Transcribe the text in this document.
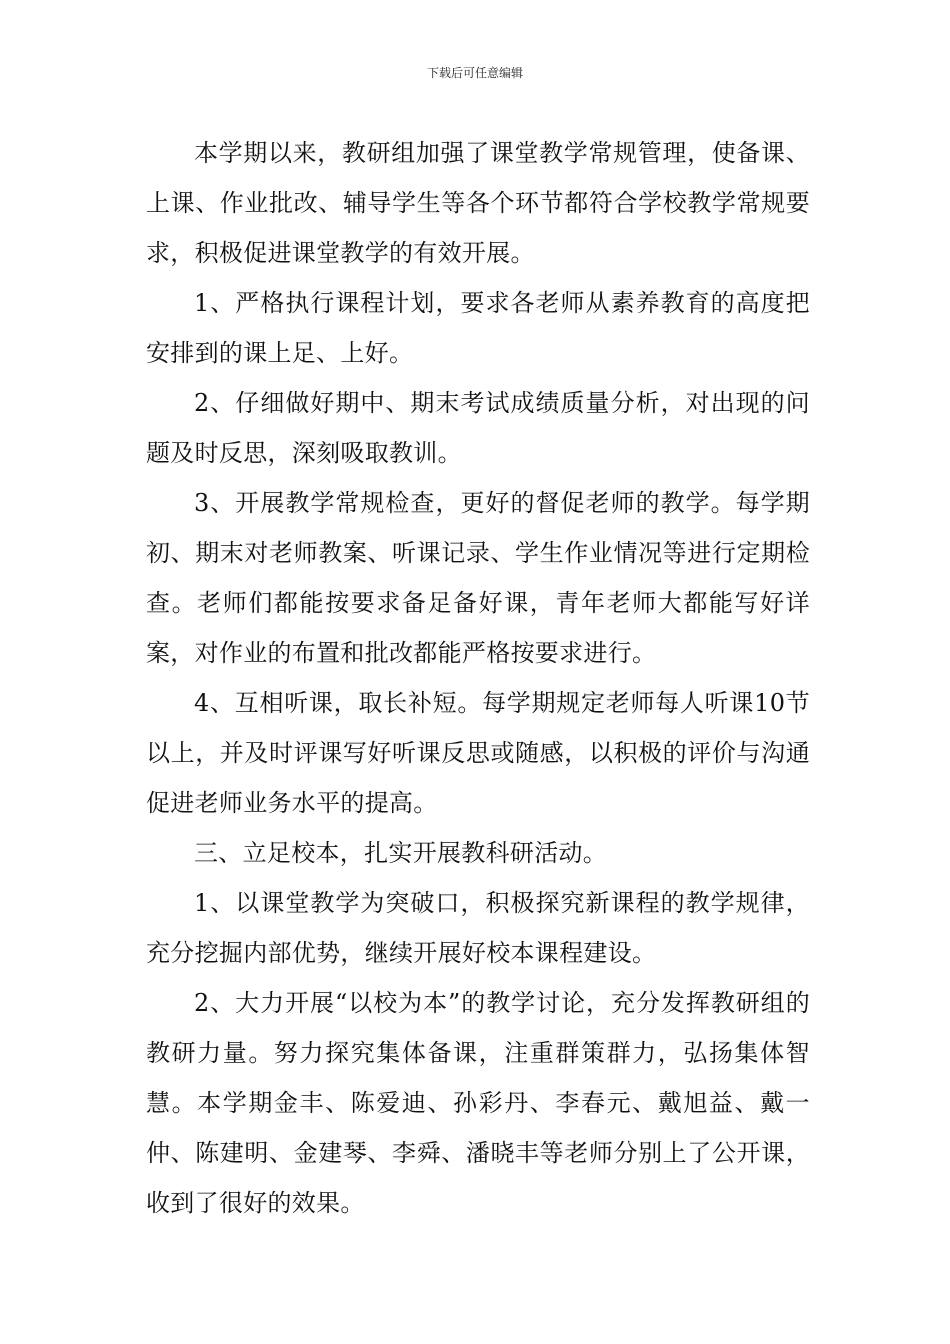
下载后可任意编辑

本学期以来，教研组加强了课堂教学常规管理，使备课、上课、作业批改、辅导学生等各个环节都符合学校教学常规要求，积极促进课堂教学的有效开展。

1、严格执行课程计划，要求各老师从素养教育的高度把安排到的课上足、上好。

2、仔细做好期中、期末考试成绩质量分析，对出现的问题及时反思，深刻吸取教训。

3、开展教学常规检查，更好的督促老师的教学。每学期初、期末对老师教案、听课记录、学生作业情况等进行定期检查。老师们都能按要求备足备好课，青年老师大都能写好详案，对作业的布置和批改都能严格按要求进行。

4、互相听课，取长补短。每学期规定老师每人听课10节以上，并及时评课写好听课反思或随感，以积极的评价与沟通促进老师业务水平的提高。

三、立足校本，扎实开展教科研活动。

1、以课堂教学为突破口，积极探究新课程的教学规律，充分挖掘内部优势，继续开展好校本课程建设。

2、大力开展“以校为本”的教学讨论，充分发挥教研组的教研力量。努力探究集体备课，注重群策群力，弘扬集体智慧。本学期金丰、陈爱迪、孙彩丹、李春元、戴旭益、戴一仲、陈建明、金建琴、李舜、潘晓丰等老师分别上了公开课，收到了很好的效果。
